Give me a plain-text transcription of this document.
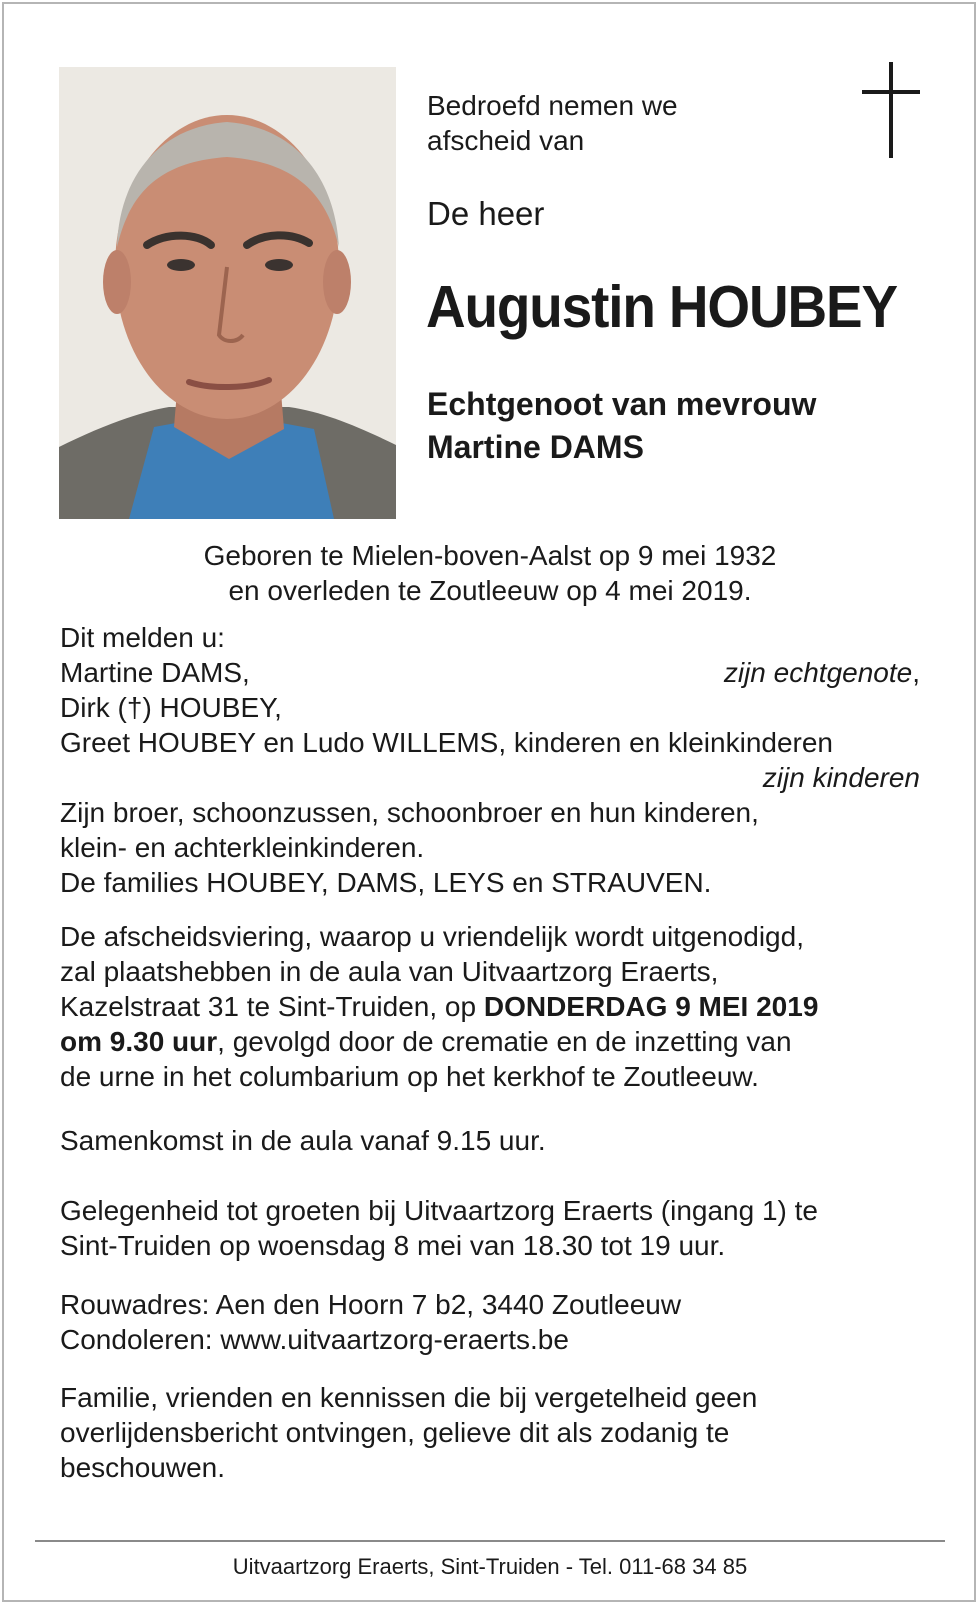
Bedroefd nemen we
afscheid van

De heer

Augustin HOUBEY

Echtgenoot van mevrouw
Martine DAMS

Geboren te Mielen-boven-Aalst op 9 mei 1932
en overleden te Zoutleeuw op 4 mei 2019.

Dit melden u:
Martine DAMS,	zijn echtgenote,
Dirk (†) HOUBEY,
Greet HOUBEY en Ludo WILLEMS, kinderen en kleinkinderen
zijn kinderen
Zijn broer, schoonzussen, schoonbroer en hun kinderen,
klein- en achterkleinkinderen.
De families HOUBEY, DAMS, LEYS en STRAUVEN.
De afscheidsviering, waarop u vriendelijk wordt uitgenodigd,
zal plaatshebben in de aula van Uitvaartzorg Eraerts,
Kazelstraat 31 te Sint-Truiden, op DONDERDAG 9 MEI 2019
om 9.30 uur, gevolgd door de crematie en de inzetting van
de urne in het columbarium op het kerkhof te Zoutleeuw.
Samenkomst in de aula vanaf 9.15 uur.
Gelegenheid tot groeten bij Uitvaartzorg Eraerts (ingang 1) te
Sint-Truiden op woensdag 8 mei van 18.30 tot 19 uur.
Rouwadres: Aen den Hoorn 7 b2, 3440 Zoutleeuw
Condoleren: www.uitvaartzorg-eraerts.be
Familie, vrienden en kennissen die bij vergetelheid geen
overlijdensbericht ontvingen, gelieve dit als zodanig te
beschouwen.

Uitvaartzorg Eraerts, Sint-Truiden - Tel. 011-68 34 85
